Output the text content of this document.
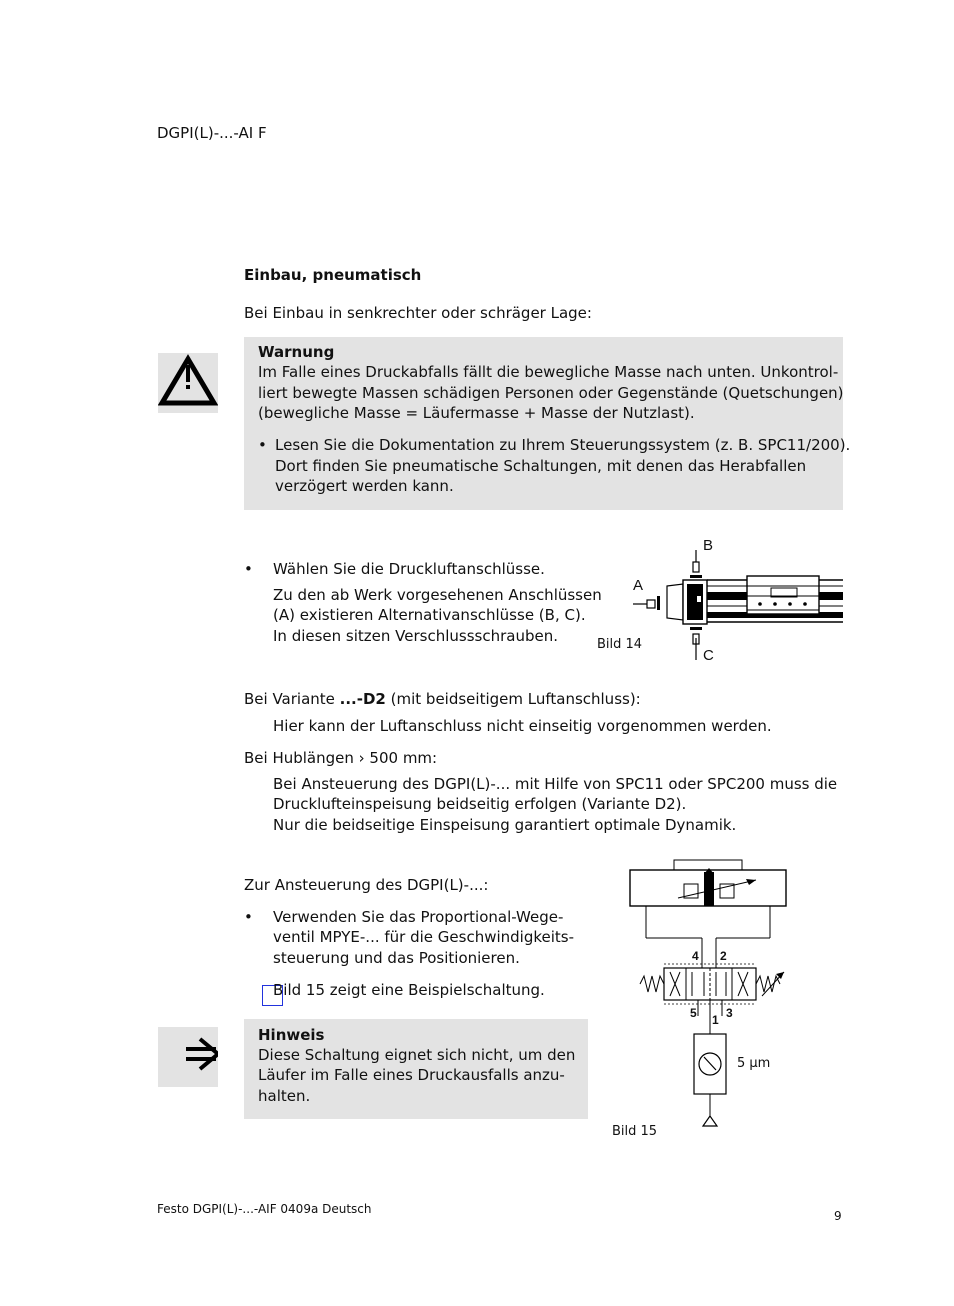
DGPI(L)-...-AI F
Einbau, pneumatisch
Bei Einbau in senkrechter oder schräger Lage:
Warnung
Im Falle eines Druckabfalls fällt die bewegliche Masse nach unten. Unkontrol-
liert bewegte Massen schädigen Personen oder Gegenstände (Quetschungen)
(bewegliche Masse = Läufermasse + Masse der Nutzlast).
• Lesen Sie die Dokumentation zu Ihrem Steuerungssystem (z. B. SPC11/200).
Dort finden Sie pneumatische Schaltungen, mit denen das Herabfallen
verzögert werden kann.
• Wählen Sie die Druckluftanschlüsse.
Zu den ab Werk vorgesehenen Anschlüssen
(A) existieren Alternativanschlüsse (B, C).
In diesen sitzen Verschlussschrauben.
A
B
C
Bild 14
Bei Variante ...-D2 (mit beidseitigem Luftanschluss):
Hier kann der Luftanschluss nicht einseitig vorgenommen werden.
Bei Hublängen › 500 mm:
Bei Ansteuerung des DGPI(L)-... mit Hilfe von SPC11 oder SPC200 muss die
Drucklufteinspeisung beidseitig erfolgen (Variante D2).
Nur die beidseitige Einspeisung garantiert optimale Dynamik.
Zur Ansteuerung des DGPI(L)-...:
• Verwenden Sie das Proportional-Wege-
ventil MPYE-... für die Geschwindigkeits-
steuerung und das Positionieren.
Bild 15 zeigt eine Beispielschaltung.
Hinweis
Diese Schaltung eignet sich nicht, um den
Läufer im Falle eines Druckausfalls anzu-
halten.
4 2
5 1 3
5 µm
Bild 15
Festo DGPI(L)-...-AIF 0409a Deutsch	9
